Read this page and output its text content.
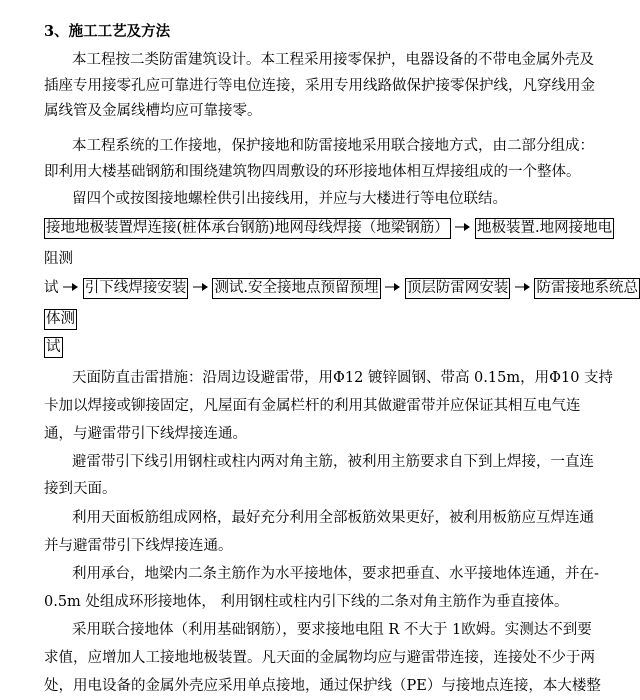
3、施工工艺及方法
本工程按二类防雷建筑设计。本工程采用接零保护，电器设备的不带电金属外壳及
插座专用接零孔应可靠进行等电位连接，采用专用线路做保护接零保护线，凡穿线用金
属线管及金属线槽均应可靠接零。
本工程系统的工作接地，保护接地和防雷接地采用联合接地方式，由二部分组成：
即利用大楼基础钢筋和围绕建筑物四周敷设的环形接地体相互焊接组成的一个整体。
留四个或按图接地螺栓供引出接线用，并应与大楼进行等电位联结。
接地地极装置焊连接(桩体承台钢筋)地网母线焊接（地梁钢筋） 地极装置.地网接地电
阻测
试 引下线焊接安装 测试.安全接地点预留预埋 顶层防雷网安装 防雷接地系统总
体测
试
天面防直击雷措施：沿周边设避雷带，用Φ12 镀锌圆钢、带高 0.15m，用Φ10 支持
卡加以焊接或铆接固定，凡屋面有金属栏杆的利用其做避雷带并应保证其相互电气连
通，与避雷带引下线焊接连通。
避雷带引下线引用钢柱或柱内两对角主筋，被利用主筋要求自下到上焊接，一直连
接到天面。
利用天面板筋组成网格，最好充分利用全部板筋效果更好，被利用板筋应互焊连通
并与避雷带引下线焊接连通。
利用承台，地梁内二条主筋作为水平接地体，要求把垂直、水平接地体连通，并在-
0.5m 处组成环形接地体， 利用钢柱或柱内引下线的二条对角主筋作为垂直接体。
采用联合接地体（利用基础钢筋），要求接地电阻 R 不大于 1欧姆。实测达不到要
求值，应增加人工接地地极装置。凡天面的金属物均应与避雷带连接，连接处不少于两
处，用电设备的金属外壳应采用单点接地，通过保护线（PE）与接地点连接，本大楼整
